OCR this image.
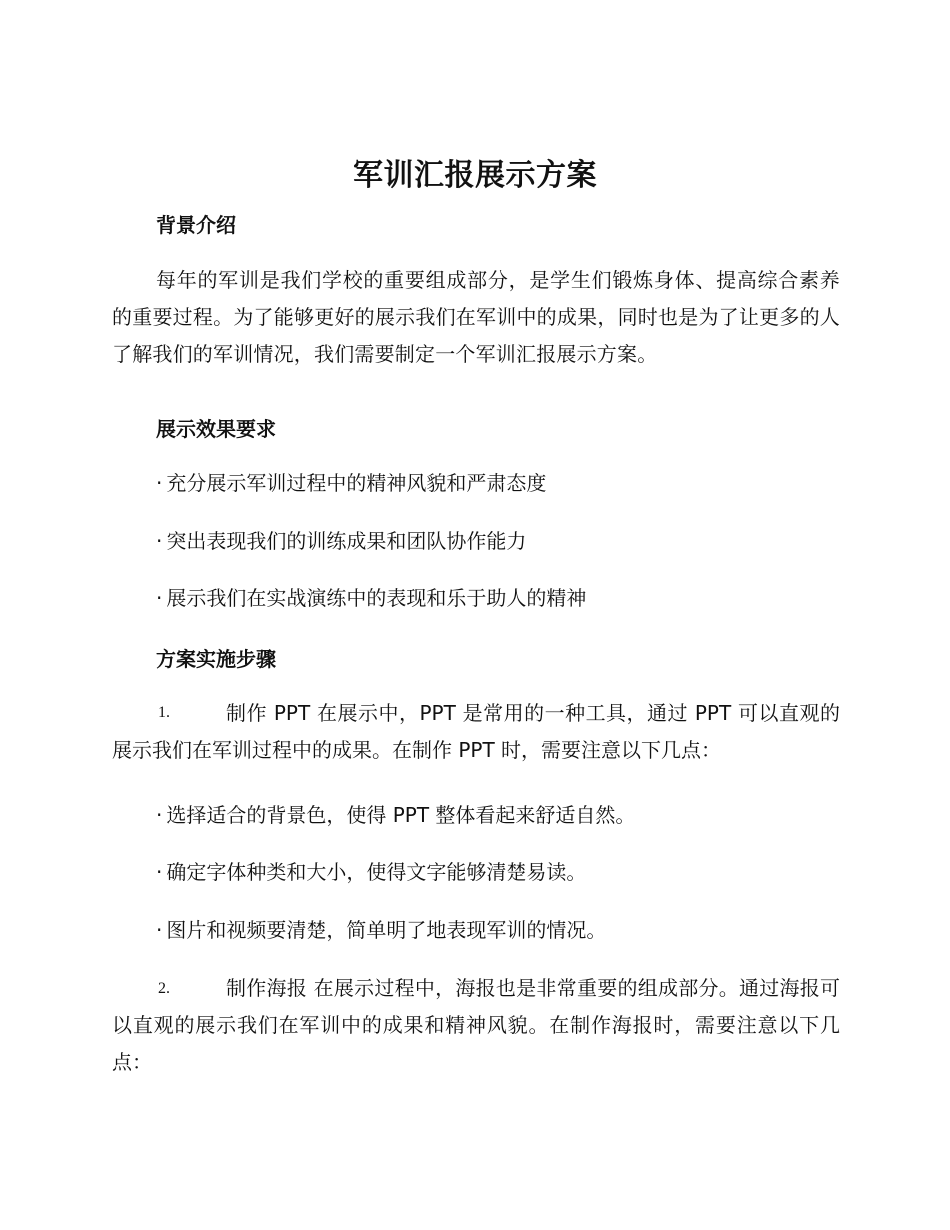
军训汇报展示方案
背景介绍
每年的军训是我们学校的重要组成部分，是学生们锻炼身体、提高综合素养的重要过程。为了能够更好的展示我们在军训中的成果，同时也是为了让更多的人了解我们的军训情况，我们需要制定一个军训汇报展示方案。
展示效果要求
· 充分展示军训过程中的精神风貌和严肃态度
· 突出表现我们的训练成果和团队协作能力
· 展示我们在实战演练中的表现和乐于助人的精神
方案实施步骤
1.	制作 PPT 在展示中，PPT 是常用的一种工具，通过 PPT 可以直观的展示我们在军训过程中的成果。在制作 PPT 时，需要注意以下几点：
· 选择适合的背景色，使得 PPT 整体看起来舒适自然。
· 确定字体种类和大小，使得文字能够清楚易读。
· 图片和视频要清楚，简单明了地表现军训的情况。
2.	制作海报 在展示过程中，海报也是非常重要的组成部分。通过海报可以直观的展示我们在军训中的成果和精神风貌。在制作海报时，需要注意以下几点：
